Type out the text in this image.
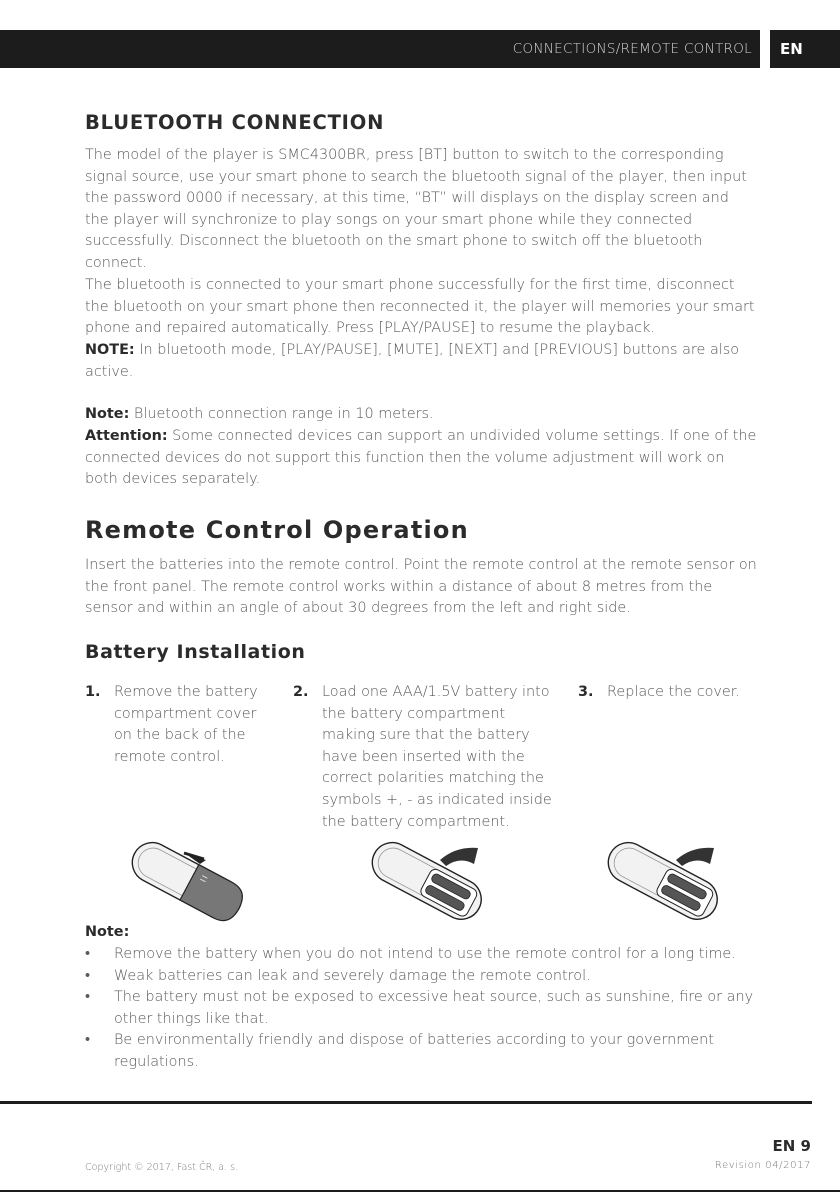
CONNECTIONS/REMOTE CONTROL EN
BLUETOOTH CONNECTION

The model of the player is SMC4300BR, press [BT] button to switch to the corresponding signal source, use your smart phone to search the bluetooth signal of the player, then input the password 0000 if necessary, at this time, “BT” will displays on the display screen and the player will synchronize to play songs on your smart phone while they connected successfully. Disconnect the bluetooth on the smart phone to switch off the bluetooth connect.

The bluetooth is connected to your smart phone successfully for the first time, disconnect the bluetooth on your smart phone then reconnected it, the player will memories your smart phone and repaired automatically. Press [PLAY/PAUSE] to resume the playback.

NOTE: In bluetooth mode, [PLAY/PAUSE], [MUTE], [NEXT] and [PREVIOUS] buttons are also active.

Note: Bluetooth connection range in 10 meters.

Attention: Some connected devices can support an undivided volume settings. If one of the connected devices do not support this function then the volume adjustment will work on both devices separately.

Remote Control Operation

Insert the batteries into the remote control. Point the remote control at the remote sensor on the front panel. The remote control works within a distance of about 8 metres from the sensor and within an angle of about 30 degrees from the left and right side.

Battery Installation
1. Remove the battery compartment cover on the back of the remote control.
2. Load one AAA/1.5V battery into the battery compartment making sure that the battery have been inserted with the correct polarities matching the symbols +, - as indicated inside the battery compartment.
3. Replace the cover.
Note:
• Remove the battery when you do not intend to use the remote control for a long time.
• Weak batteries can leak and severely damage the remote control.
• The battery must not be exposed to excessive heat source, such as sunshine, fire or any other things like that.
• Be environmentally friendly and dispose of batteries according to your government regulations.
EN 9
Copyright © 2017, Fast ČR, a. s.	Revision 04/2017
